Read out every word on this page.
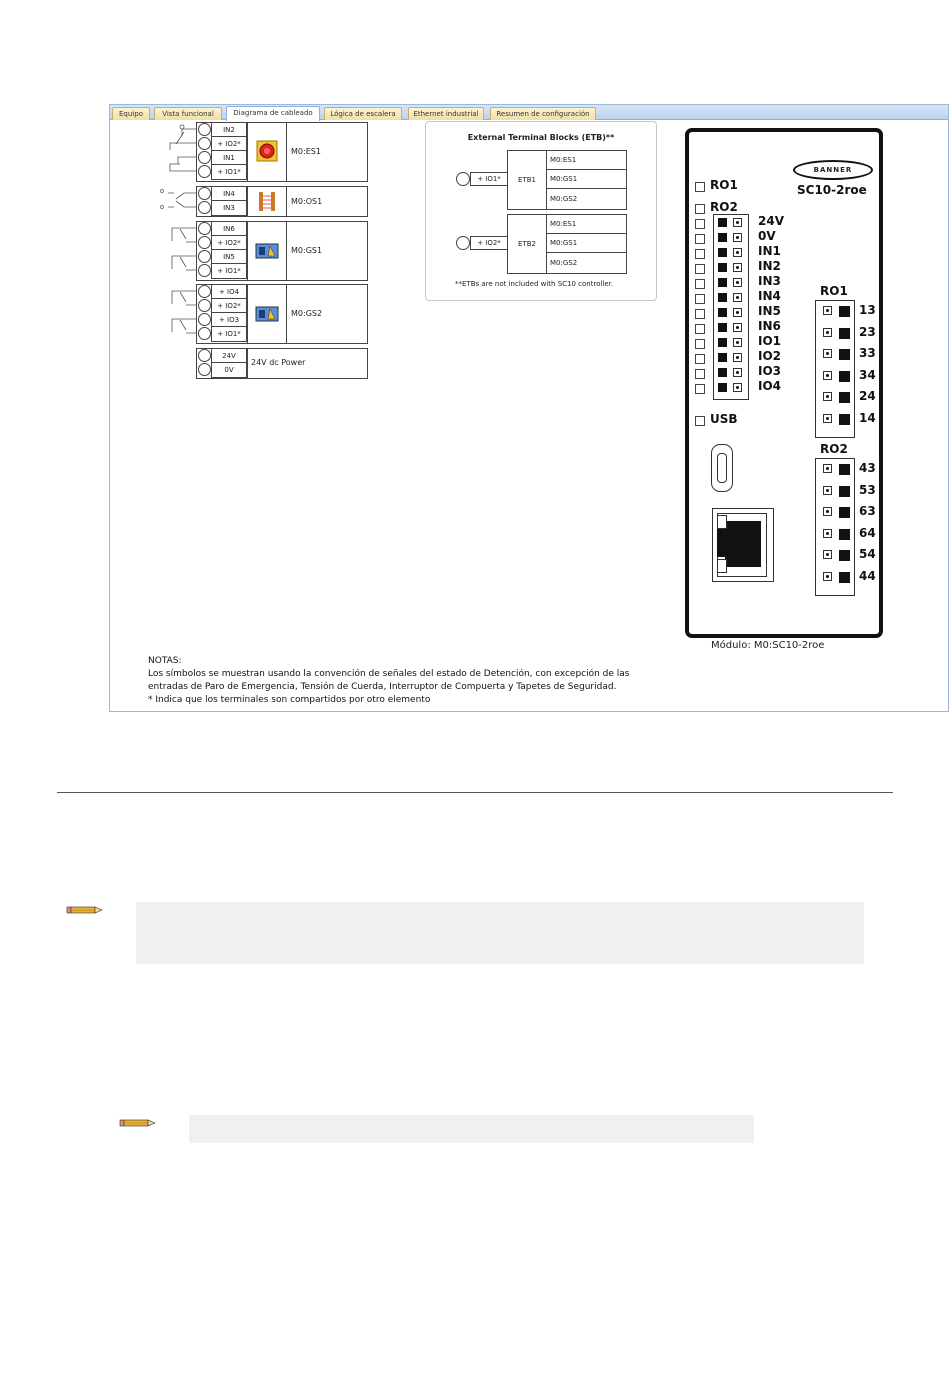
Equipo	Vista funcional	Diagrama de cableado	Lógica de escalera	Ethernet industrial	Resumen de configuración
IN2
+ IO2*
IN1
+ IO1*
M0:ES1
IN4
IN3
M0:OS1
IN6
+ IO2*
IN5
+ IO1*
M0:GS1
+ IO4
+ IO2*
+ IO3
+ IO1*
M0:GS2
24V
0V
24V dc Power
External Terminal Blocks (ETB)**
+ IO1*	ETB1
M0:ES1
M0:GS1
M0:GS2
+ IO2*	ETB2
M0:ES1
M0:GS1
M0:GS2
**ETBs are not included with SC10 controller.
BANNER
SC10-2roe
RO1
RO2
USB
RO1
RO2
24V
0V
IN1
IN2
IN3
IN4
IN5
IN6
IO1
IO2
IO3
IO4
13
23
33
34
24
14
43
53
63
64
54
44
Módulo: M0:SC10-2roe
NOTAS:
Los símbolos se muestran usando la convención de señales del estado de Detención, con excepción de las
entradas de Paro de Emergencia, Tensión de Cuerda, Interruptor de Compuerta y Tapetes de Seguridad.
* Indica que los terminales son compartidos por otro elemento
